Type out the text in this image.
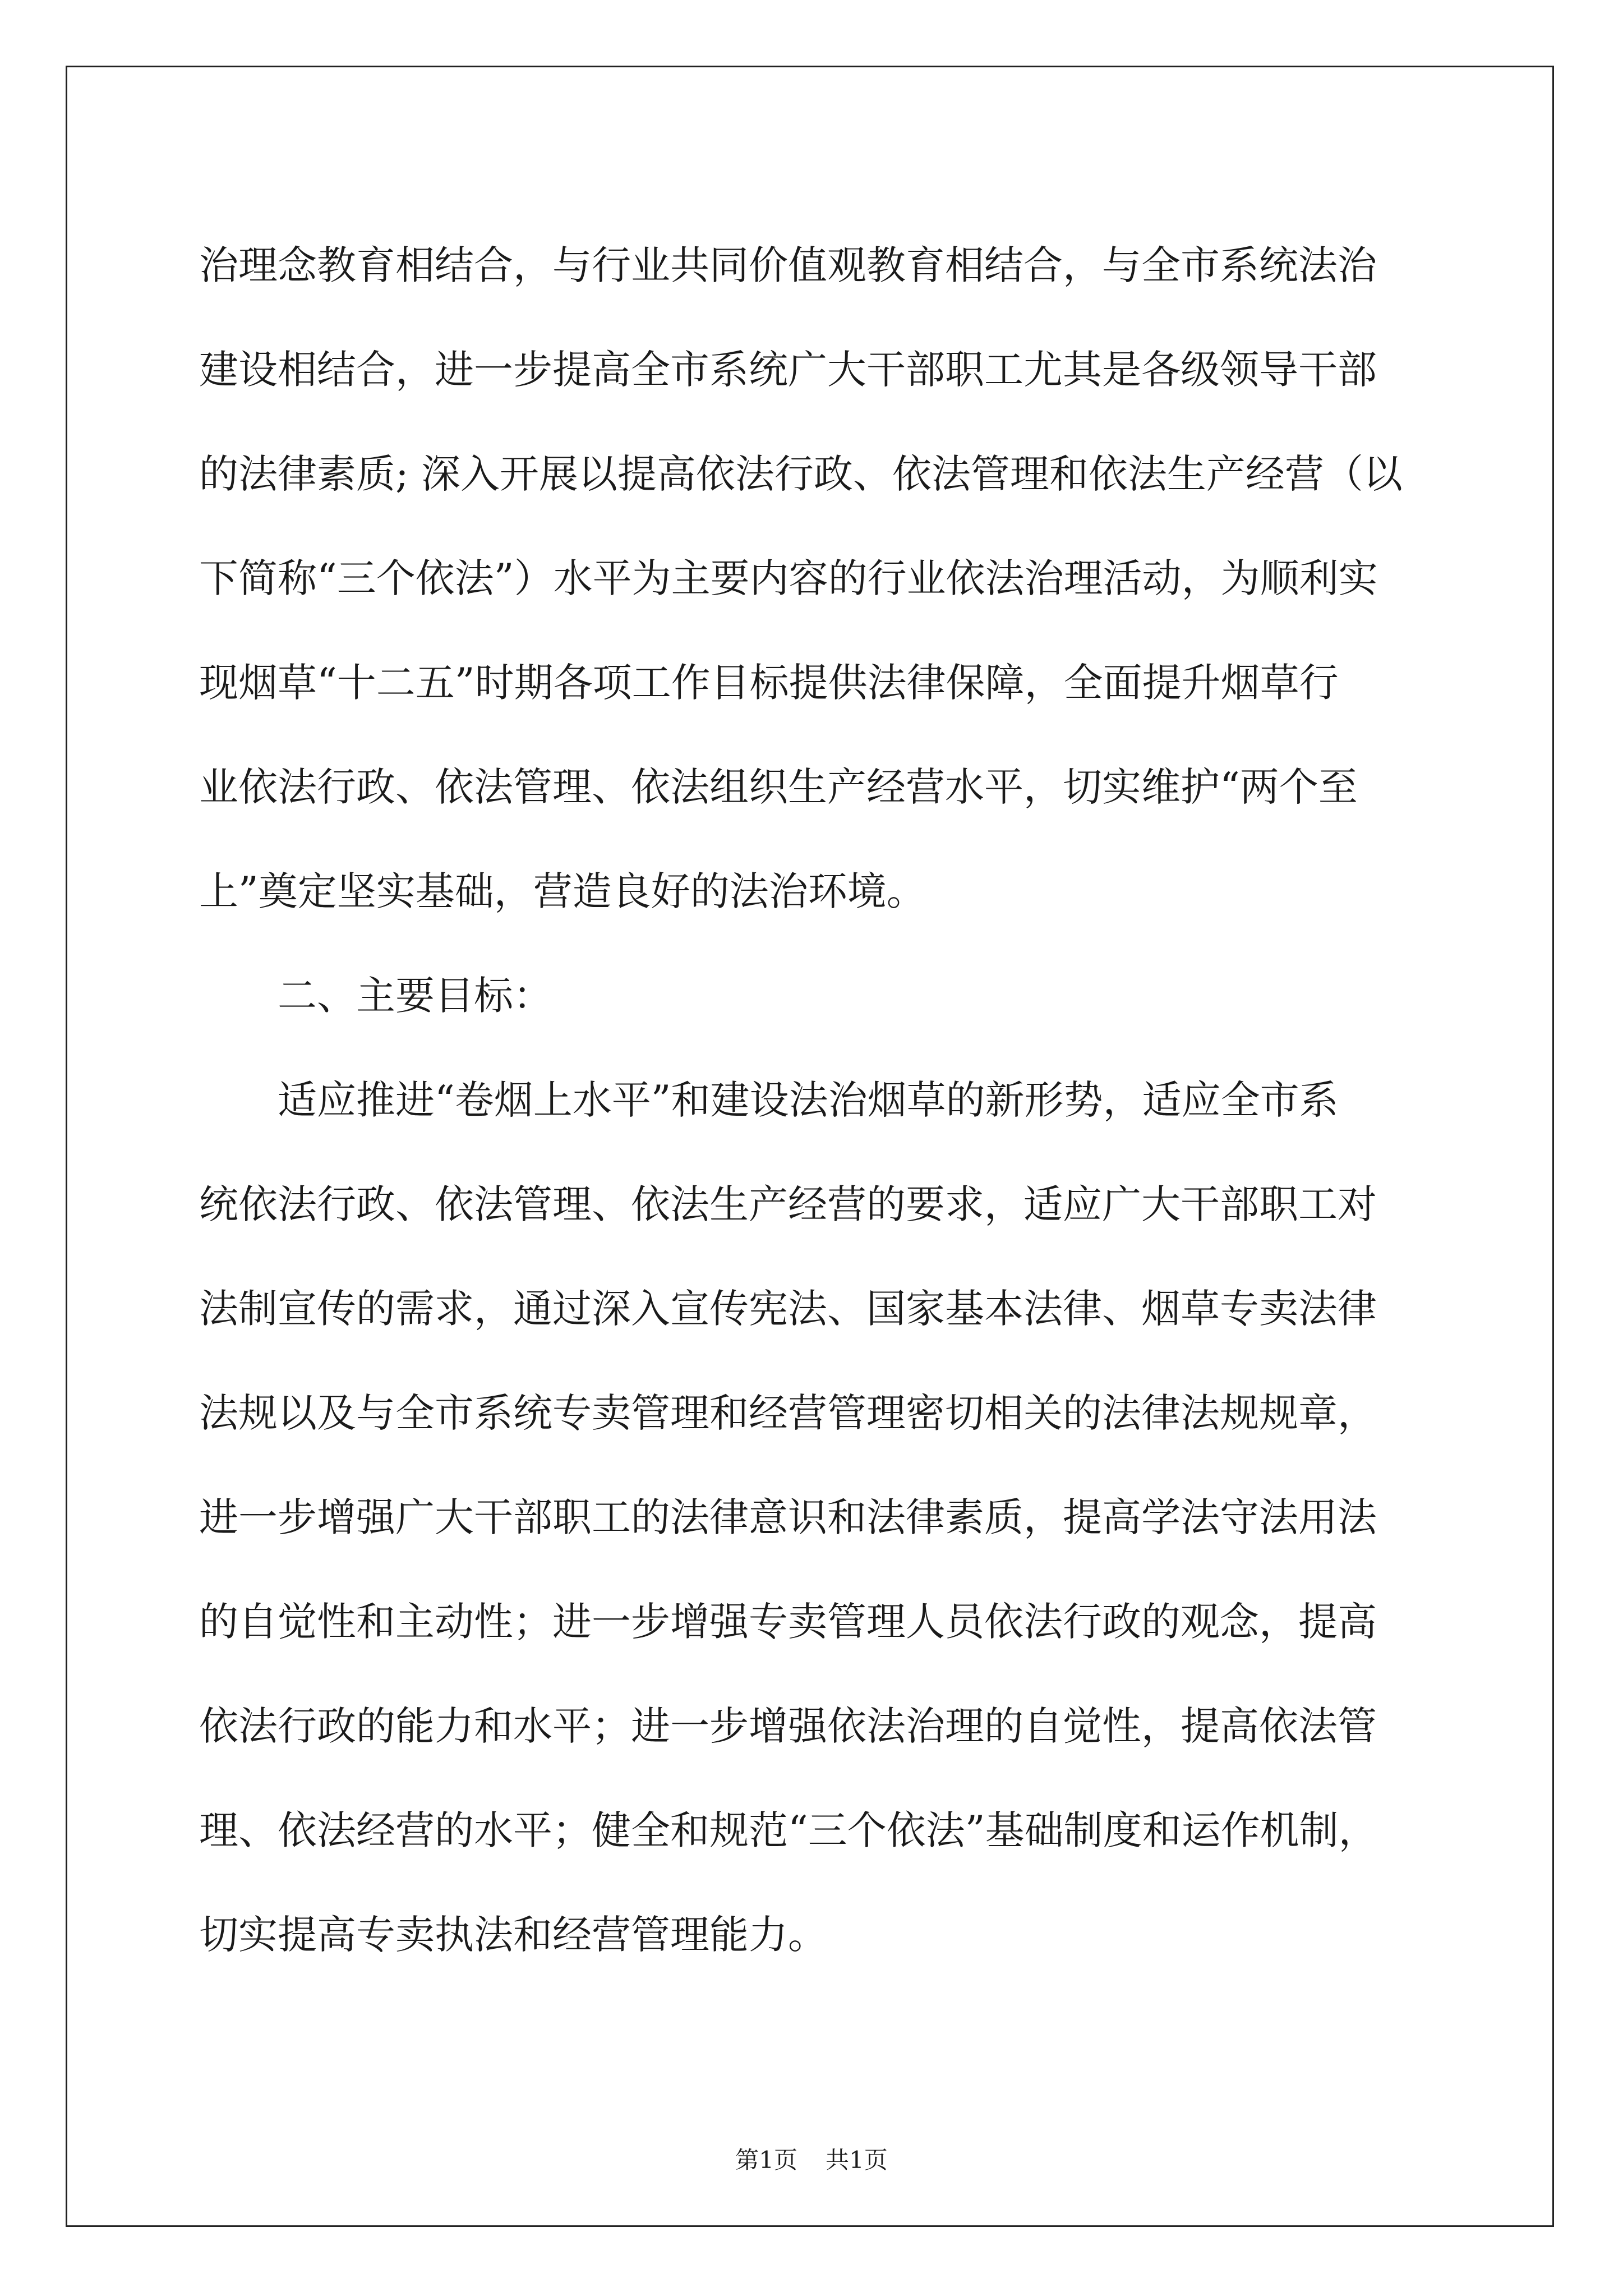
治理念教育相结合，与行业共同价值观教育相结合，与全市系统法治
建设相结合，进一步提高全市系统广大干部职工尤其是各级领导干部
的法律素质; 深入开展以提高依法行政、依法管理和依法生产经营（以
下简称“三个依法”）水平为主要内容的行业依法治理活动，为顺利实
现烟草“十二五”时期各项工作目标提供法律保障，全面提升烟草行
业依法行政、依法管理、依法组织生产经营水平，切实维护“两个至
上”奠定坚实基础，营造良好的法治环境。
二、主要目标：
适应推进“卷烟上水平”和建设法治烟草的新形势，适应全市系
统依法行政、依法管理、依法生产经营的要求，适应广大干部职工对
法制宣传的需求，通过深入宣传宪法、国家基本法律、烟草专卖法律
法规以及与全市系统专卖管理和经营管理密切相关的法律法规规章，
进一步增强广大干部职工的法律意识和法律素质，提高学法守法用法
的自觉性和主动性；进一步增强专卖管理人员依法行政的观念，提高
依法行政的能力和水平；进一步增强依法治理的自觉性，提高依法管
理、依法经营的水平；健全和规范“三个依法”基础制度和运作机制，
切实提高专卖执法和经营管理能力。
第1页 共1页
